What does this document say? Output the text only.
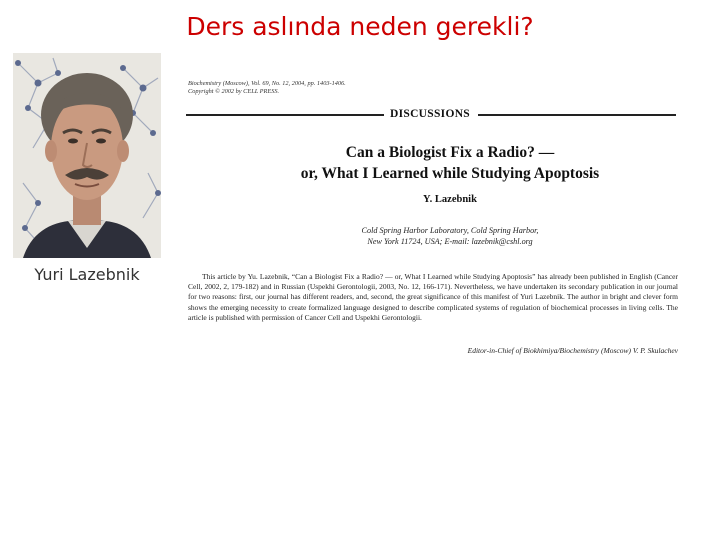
Ders aslında neden gerekli?
Yuri Lazebnik
Biochemistry (Moscow), Vol. 69, No. 12, 2004, pp. 1403-1406.
Copyright © 2002 by CELL PRESS.
DISCUSSIONS
Can a Biologist Fix a Radio? —
or, What I Learned while Studying Apoptosis
Y. Lazebnik
Cold Spring Harbor Laboratory, Cold Spring Harbor,
New York 11724, USA; E-mail: lazebnik@cshl.org
This article by Yu. Lazebnik, “Can a Biologist Fix a Radio? — or, What I Learned while Studying Apoptosis” has already been published in English (Cancer Cell, 2002, 2, 179-182) and in Russian (Uspekhi Gerontologii, 2003, No. 12, 166-171). Nevertheless, we have undertaken its secondary publication in our journal for two reasons: first, our journal has different readers, and, second, the great significance of this manifest of Yuri Lazebnik. The author in bright and clever form shows the emerging necessity to create formalized language designed to describe complicated systems of regulation of biochemical processes in living cells. The article is published with permission of Cancer Cell and Uspekhi Gerontologii.
Editor-in-Chief of Biokhimiya/Biochemistry (Moscow) V. P. Skulachev
